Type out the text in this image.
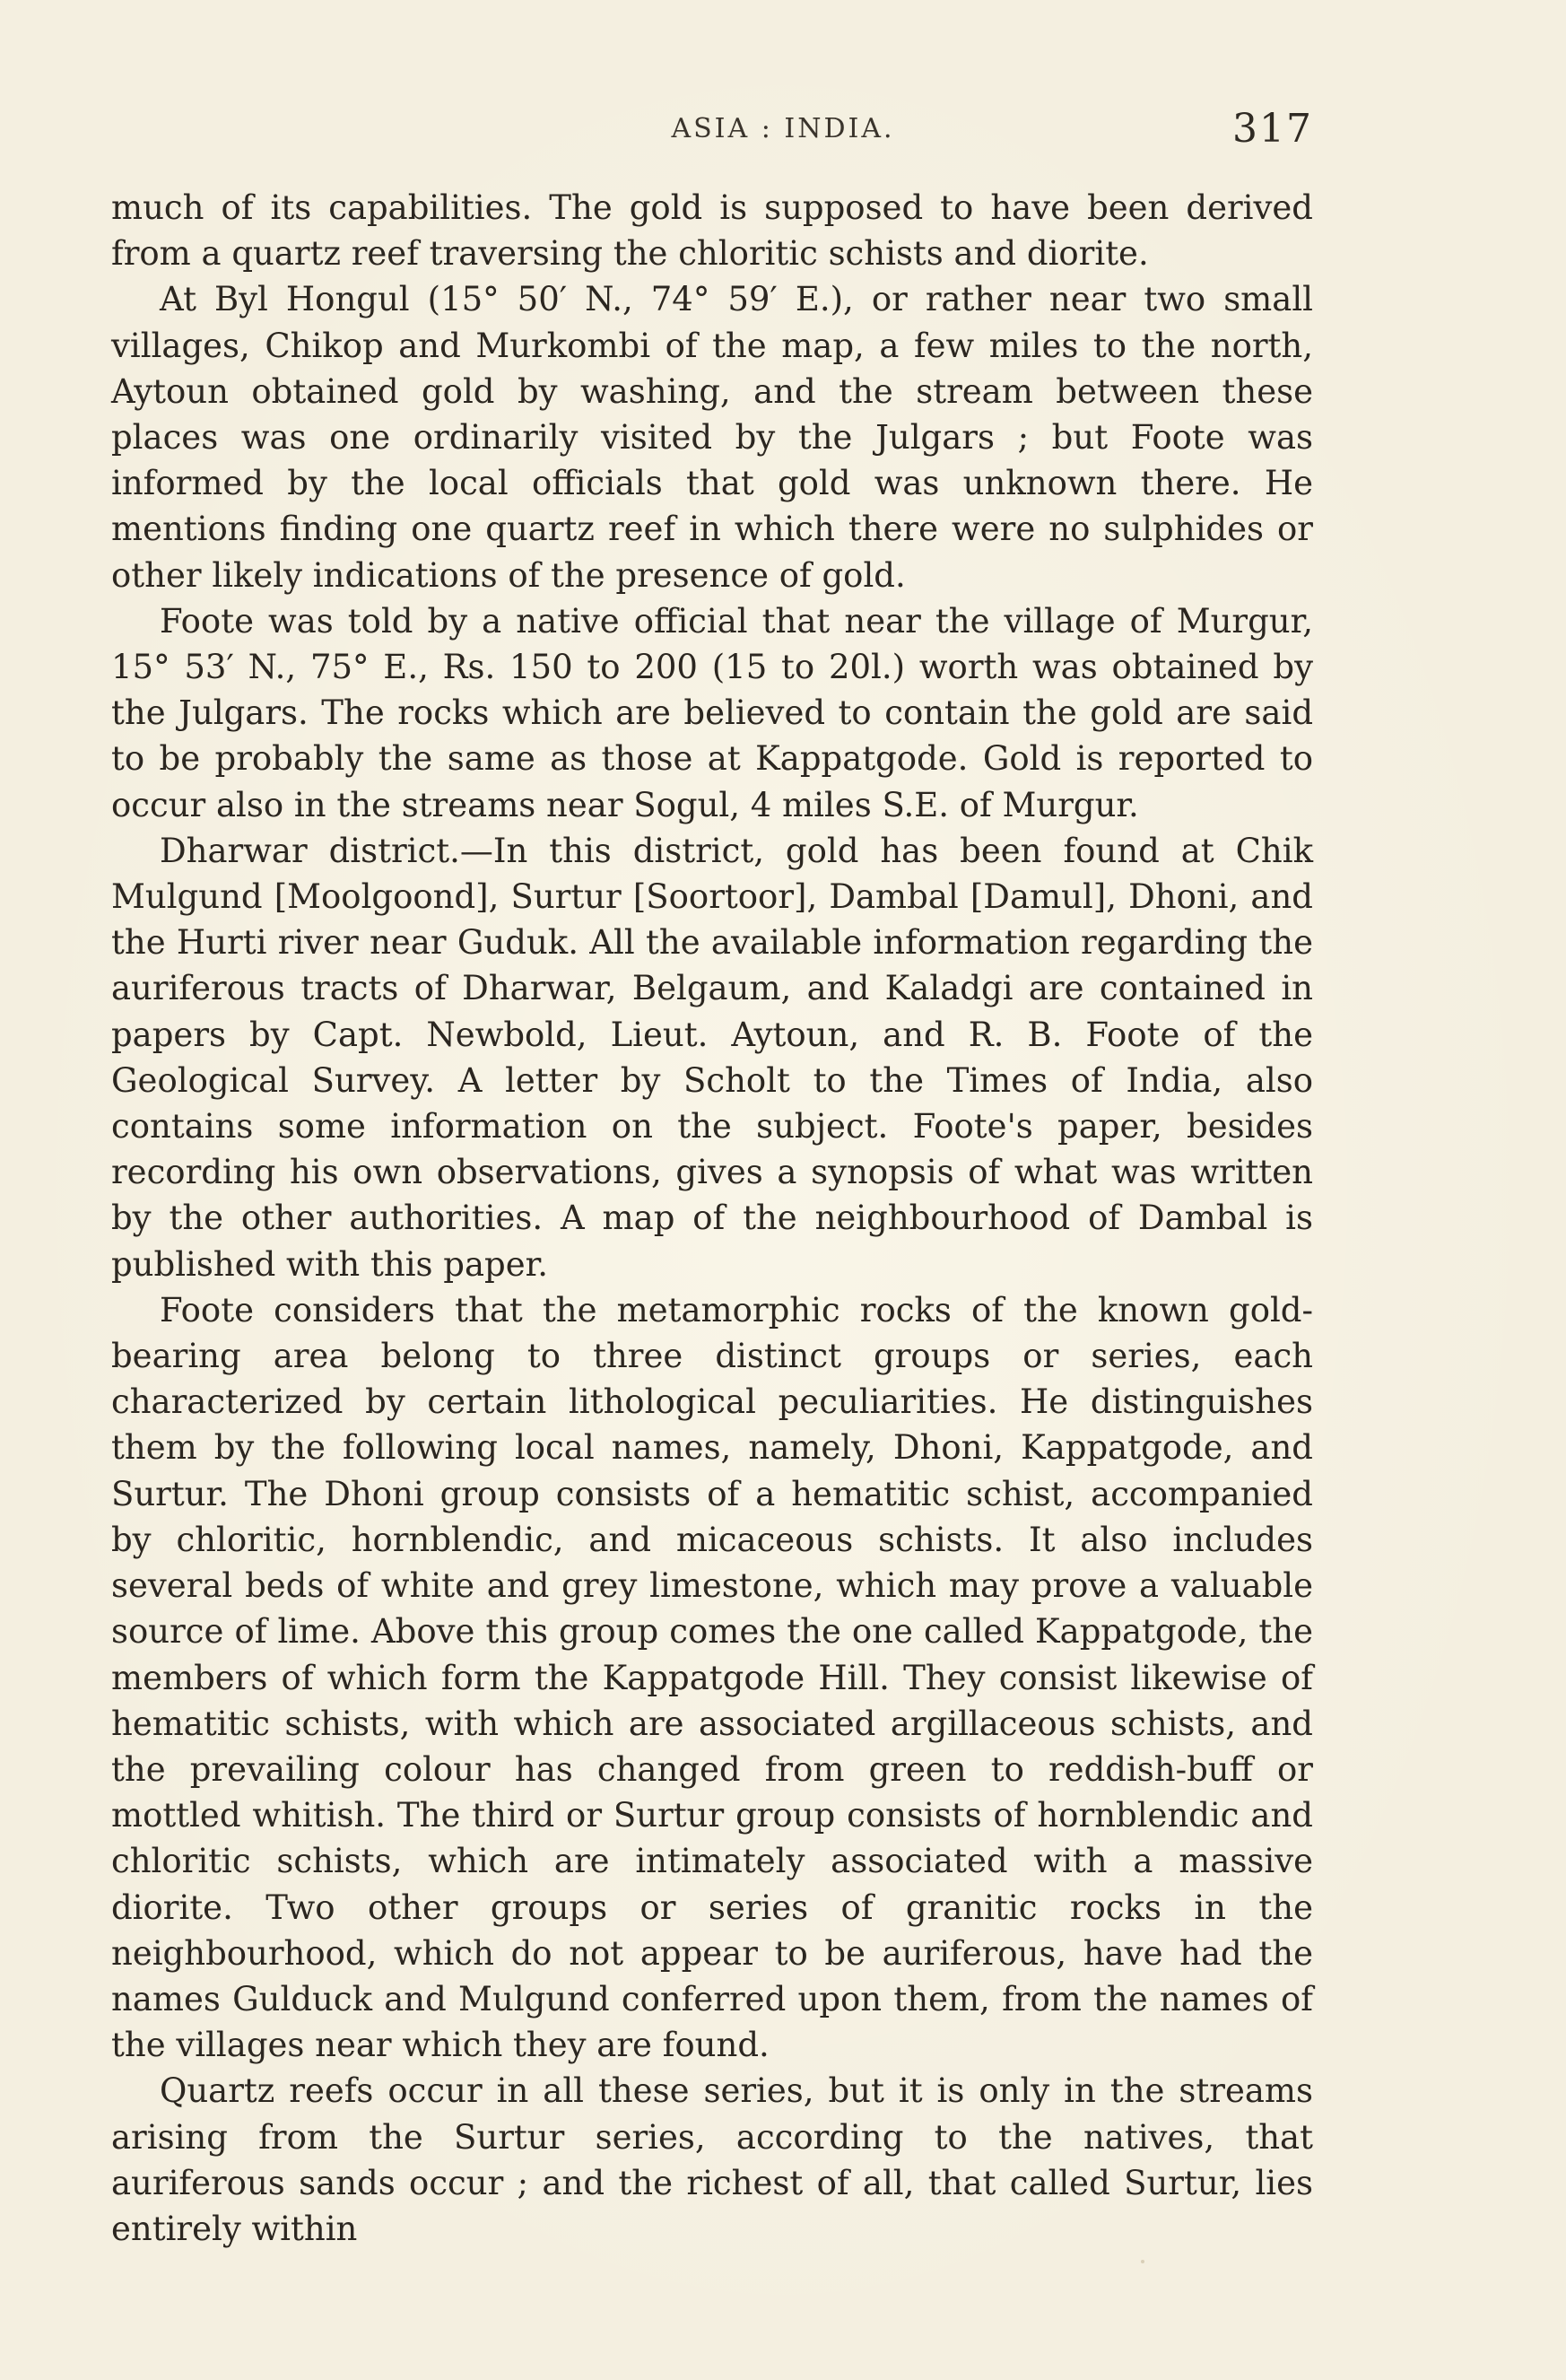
ASIA : INDIA.	317

much of its capabilities. The gold is supposed to have been derived from a quartz reef traversing the chloritic schists and diorite.

At Byl Hongul (15° 50′ N., 74° 59′ E.), or rather near two small villages, Chikop and Murkombi of the map, a few miles to the north, Aytoun obtained gold by washing, and the stream between these places was one ordinarily visited by the Julgars ; but Foote was informed by the local officials that gold was unknown there. He mentions finding one quartz reef in which there were no sulphides or other likely indications of the presence of gold.

Foote was told by a native official that near the village of Murgur, 15° 53′ N., 75° E., Rs. 150 to 200 (15 to 20l.) worth was obtained by the Julgars. The rocks which are believed to contain the gold are said to be probably the same as those at Kappatgode. Gold is reported to occur also in the streams near Sogul, 4 miles S.E. of Murgur.

Dharwar district.—In this district, gold has been found at Chik Mulgund [Moolgoond], Surtur [Soortoor], Dambal [Damul], Dhoni, and the Hurti river near Guduk. All the available information regarding the auriferous tracts of Dharwar, Belgaum, and Kaladgi are contained in papers by Capt. Newbold, Lieut. Aytoun, and R. B. Foote of the Geological Survey. A letter by Scholt to the Times of India, also contains some information on the subject. Foote's paper, besides recording his own observations, gives a synopsis of what was written by the other authorities. A map of the neighbourhood of Dambal is published with this paper.

Foote considers that the metamorphic rocks of the known gold-bearing area belong to three distinct groups or series, each characterized by certain lithological peculiarities. He distinguishes them by the following local names, namely, Dhoni, Kappatgode, and Surtur. The Dhoni group consists of a hematitic schist, accompanied by chloritic, hornblendic, and micaceous schists. It also includes several beds of white and grey limestone, which may prove a valuable source of lime. Above this group comes the one called Kappatgode, the members of which form the Kappatgode Hill. They consist likewise of hematitic schists, with which are associated argillaceous schists, and the prevailing colour has changed from green to reddish-buff or mottled whitish. The third or Surtur group consists of hornblendic and chloritic schists, which are intimately associated with a massive diorite. Two other groups or series of granitic rocks in the neighbourhood, which do not appear to be auriferous, have had the names Gulduck and Mulgund conferred upon them, from the names of the villages near which they are found.

Quartz reefs occur in all these series, but it is only in the streams arising from the Surtur series, according to the natives, that auriferous sands occur ; and the richest of all, that called Surtur, lies entirely within
